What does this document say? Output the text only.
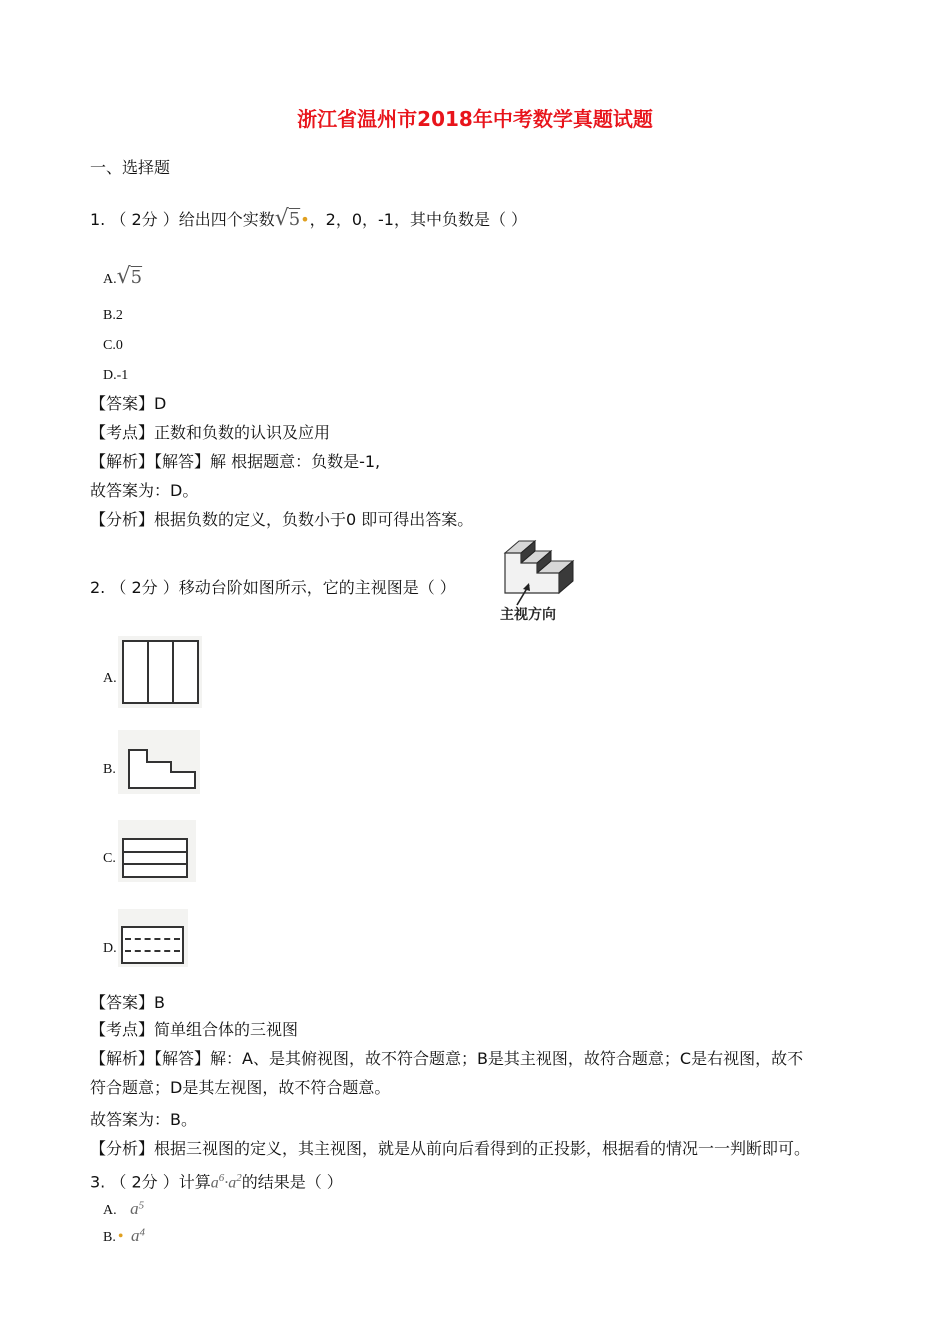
浙江省温州市2018年中考数学真题试题
一、选择题
1. （ 2分 ）给出四个实数√5•，2，0，-1，其中负数是（ ）
A.√5
B.2
C.0
D.-1
【答案】D
【考点】正数和负数的认识及应用
【解析】【解答】解 根据题意：负数是-1,
故答案为：D。
【分析】根据负数的定义，负数小于0 即可得出答案。
2. （ 2分 ）移动台阶如图所示，它的主视图是（ ）
主视方向
A.
B.
C.
D.
【答案】B
【考点】简单组合体的三视图
【解析】【解答】解：A、是其俯视图，故不符合题意；B是其主视图，故符合题意；C是右视图，故不
符合题意；D是其左视图，故不符合题意。
故答案为：B。
【分析】根据三视图的定义，其主视图，就是从前向后看得到的正投影，根据看的情况一一判断即可。
3. （ 2分 ）计算$a^6\cdot a^2$的结果是（ ）
A. $a^5$
B. • $a^4$
